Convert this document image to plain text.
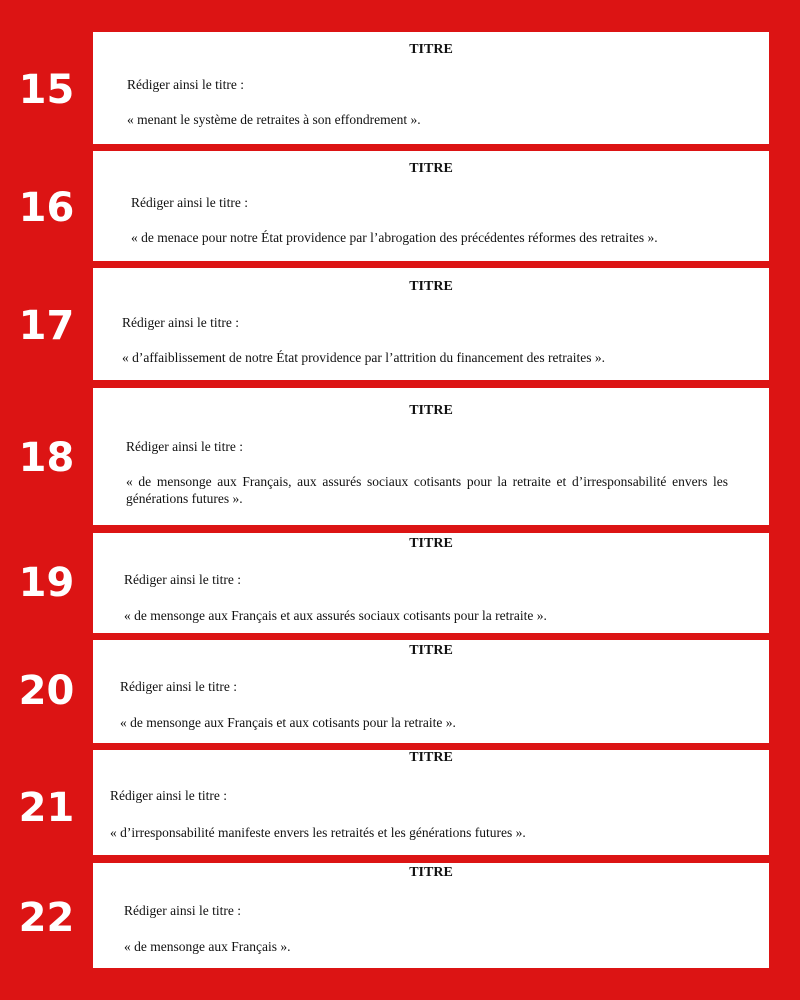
15
TITRE
Rédiger ainsi le titre :
« menant le système de retraites à son effondrement ».
16
TITRE
Rédiger ainsi le titre :
« de menace pour notre État providence par l’abrogation des précédentes réformes des retraites ».
17
TITRE
Rédiger ainsi le titre :
« d’affaiblissement de notre État providence par l’attrition du financement des retraites ».
18
TITRE
Rédiger ainsi le titre :
« de mensonge aux Français, aux assurés sociaux cotisants pour la retraite et d’irresponsabilité envers les générations futures ».
19
TITRE
Rédiger ainsi le titre :
« de mensonge aux Français et aux assurés sociaux cotisants pour la retraite ».
20
TITRE
Rédiger ainsi le titre :
« de mensonge aux Français et aux cotisants pour la retraite ».
21
TITRE
Rédiger ainsi le titre :
« d’irresponsabilité manifeste envers les retraités et les générations futures ».
22
TITRE
Rédiger ainsi le titre :
« de mensonge aux Français ».
